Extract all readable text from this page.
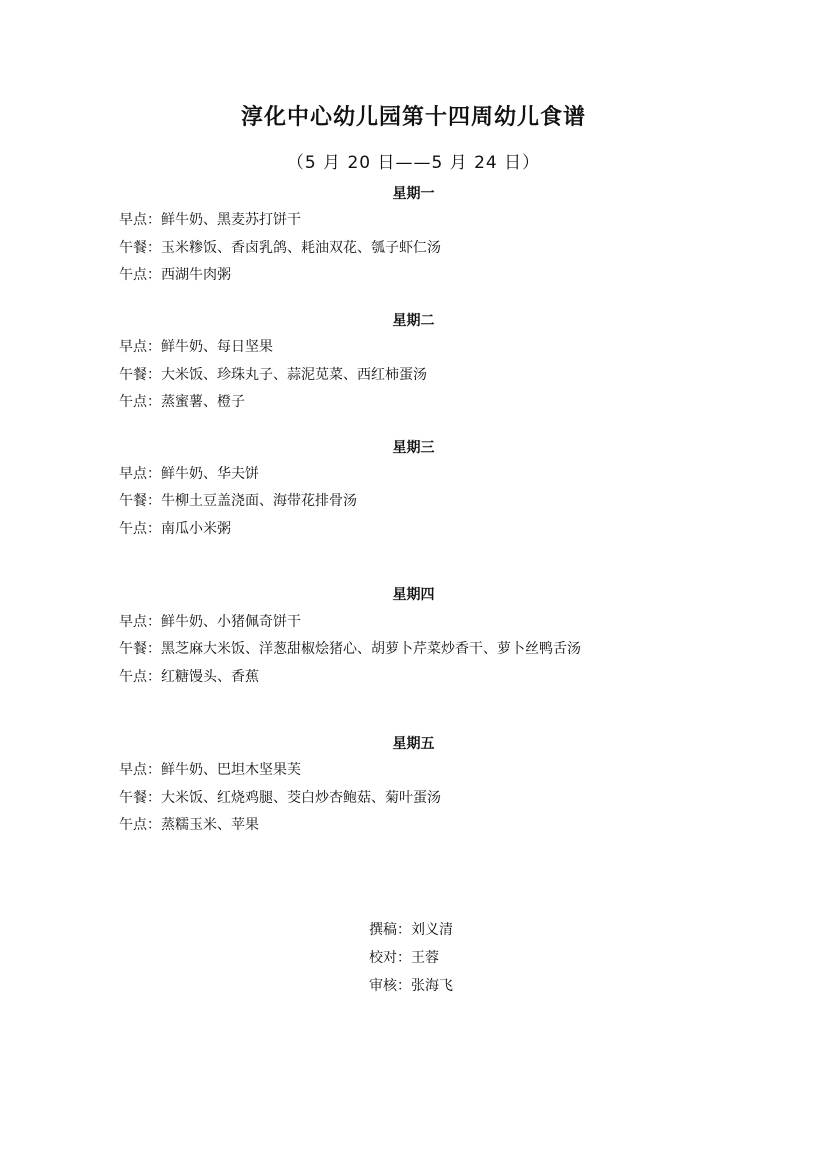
淳化中心幼儿园第十四周幼儿食谱
（5 月 20 日——5 月 24 日）
星期一
早点：鲜牛奶、黑麦苏打饼干
午餐：玉米糁饭、香卤乳鸽、耗油双花、瓠子虾仁汤
午点：西湖牛肉粥
星期二
早点：鲜牛奶、每日坚果
午餐：大米饭、珍珠丸子、蒜泥苋菜、西红柿蛋汤
午点：蒸蜜薯、橙子
星期三
早点：鲜牛奶、华夫饼
午餐：牛柳土豆盖浇面、海带花排骨汤
午点：南瓜小米粥
星期四
早点：鲜牛奶、小猪佩奇饼干
午餐：黑芝麻大米饭、洋葱甜椒烩猪心、胡萝卜芹菜炒香干、萝卜丝鸭舌汤
午点：红糖馒头、香蕉
星期五
早点：鲜牛奶、巴坦木坚果芙
午餐：大米饭、红烧鸡腿、茭白炒杏鲍菇、菊叶蛋汤
午点：蒸糯玉米、苹果
撰稿：刘义清
校对：王蓉
审核：张海飞
